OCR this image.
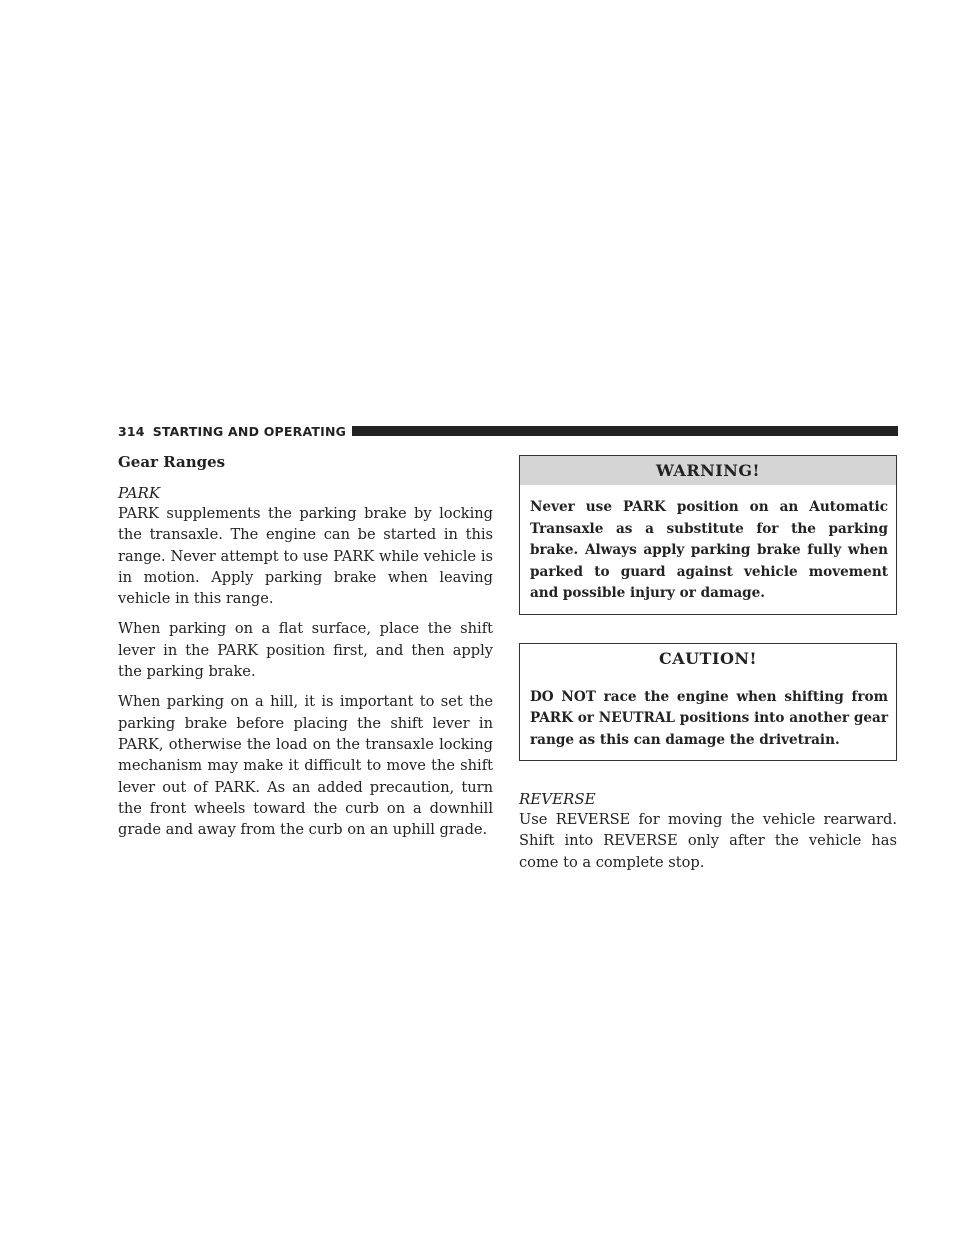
314 STARTING AND OPERATING
Gear Ranges
PARK

PARK supplements the parking brake by locking the transaxle. The engine can be started in this range. Never attempt to use PARK while vehicle is in motion. Apply parking brake when leaving vehicle in this range.

When parking on a flat surface, place the shift lever in the PARK position first, and then apply the parking brake.

When parking on a hill, it is important to set the parking brake before placing the shift lever in PARK, otherwise the load on the transaxle locking mechanism may make it difficult to move the shift lever out of PARK. As an added precaution, turn the front wheels toward the curb on a downhill grade and away from the curb on an uphill grade.

WARNING!
Never use PARK position on an Automatic Transaxle as a substitute for the parking brake. Always apply parking brake fully when parked to guard against vehicle movement and possible injury or damage.
CAUTION!
DO NOT race the engine when shifting from PARK or NEUTRAL positions into another gear range as this can damage the drivetrain.
REVERSE

Use REVERSE for moving the vehicle rearward. Shift into REVERSE only after the vehicle has come to a complete stop.
